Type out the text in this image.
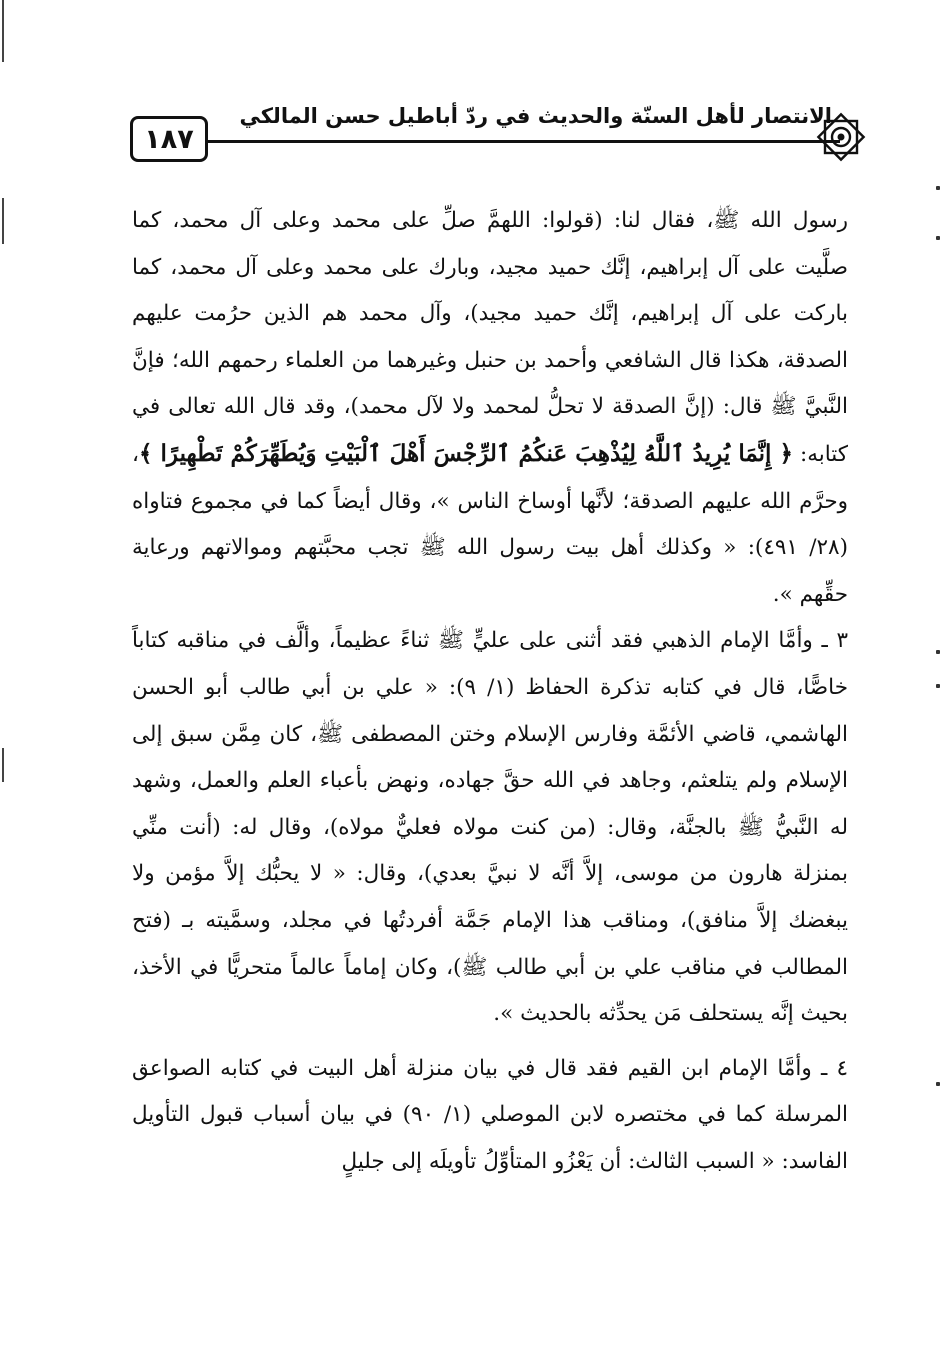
١٨٧
الانتصار لأهل السنّة والحديث في ردّ أباطيل حسن المالكي

رسول الله ﷺ، فقال لنا: (قولوا: اللهمَّ صلِّ على محمد وعلى آل محمد، كما صلَّيت على آل إبراهيم، إنَّك حميد مجيد، وبارك على محمد وعلى آل محمد، كما باركت على آل إبراهيم، إنَّك حميد مجيد)، وآل محمد هم الذين حرُمت عليهم الصدقة، هكذا قال الشافعي وأحمد بن حنبل وغيرهما من العلماء رحمهم الله؛ فإنَّ النَّبيَّ ﷺ قال: (إنَّ الصدقة لا تحلُّ لمحمد ولا لآل محمد)، وقد قال الله تعالى في كتابه: ﴿ إِنَّمَا يُرِيدُ ٱللَّهُ لِيُذْهِبَ عَنكُمُ ٱلرِّجْسَ أَهْلَ ٱلْبَيْتِ وَيُطَهِّرَكُمْ تَطْهِيرًا ﴾، وحرَّم الله عليهم الصدقة؛ لأنَّها أوساخ الناس »، وقال أيضاً كما في مجموع فتاواه (٢٨/ ٤٩١): « وكذلك أهل بيت رسول الله ﷺ تجب محبَّتهم وموالاتهم ورعاية حقِّهم ».

٣ ـ وأمَّا الإمام الذهبي فقد أثنى على عليٍّ ﷺ ثناءً عظيماً، وألَّف في مناقبه كتاباً خاصًّا، قال في كتابه تذكرة الحفاظ (١/ ٩): « علي بن أبي طالب أبو الحسن الهاشمي، قاضي الأئمَّة وفارس الإسلام وختن المصطفى ﷺ، كان مِمَّن سبق إلى الإسلام ولم يتلعثم، وجاهد في الله حقَّ جهاده، ونهض بأعباء العلم والعمل، وشهد له النَّبيُّ ﷺ بالجنَّة، وقال: (من كنت مولاه فعليٌّ مولاه)، وقال له: (أنت منِّي بمنزلة هارون من موسى، إلاَّ أنَّه لا نبيَّ بعدي)، وقال: « لا يحبُّك إلاَّ مؤمن ولا يبغضك إلاَّ منافق)، ومناقب هذا الإمام جَمَّة أفردتُها في مجلد، وسمَّيته بـ (فتح المطالب في مناقب علي بن أبي طالب ﷺ)، وكان إماماً عالماً متحريًّا في الأخذ، بحيث إنَّه يستحلف مَن يحدِّثه بالحديث ».

٤ ـ وأمَّا الإمام ابن القيم فقد قال في بيان منزلة أهل البيت في كتابه الصواعق المرسلة كما في مختصره لابن الموصلي (١/ ٩٠) في بيان أسباب قبول التأويل الفاسد: « السبب الثالث: أن يَعْزُو المتأوِّلُ تأويلَه إلى جليلٍ
